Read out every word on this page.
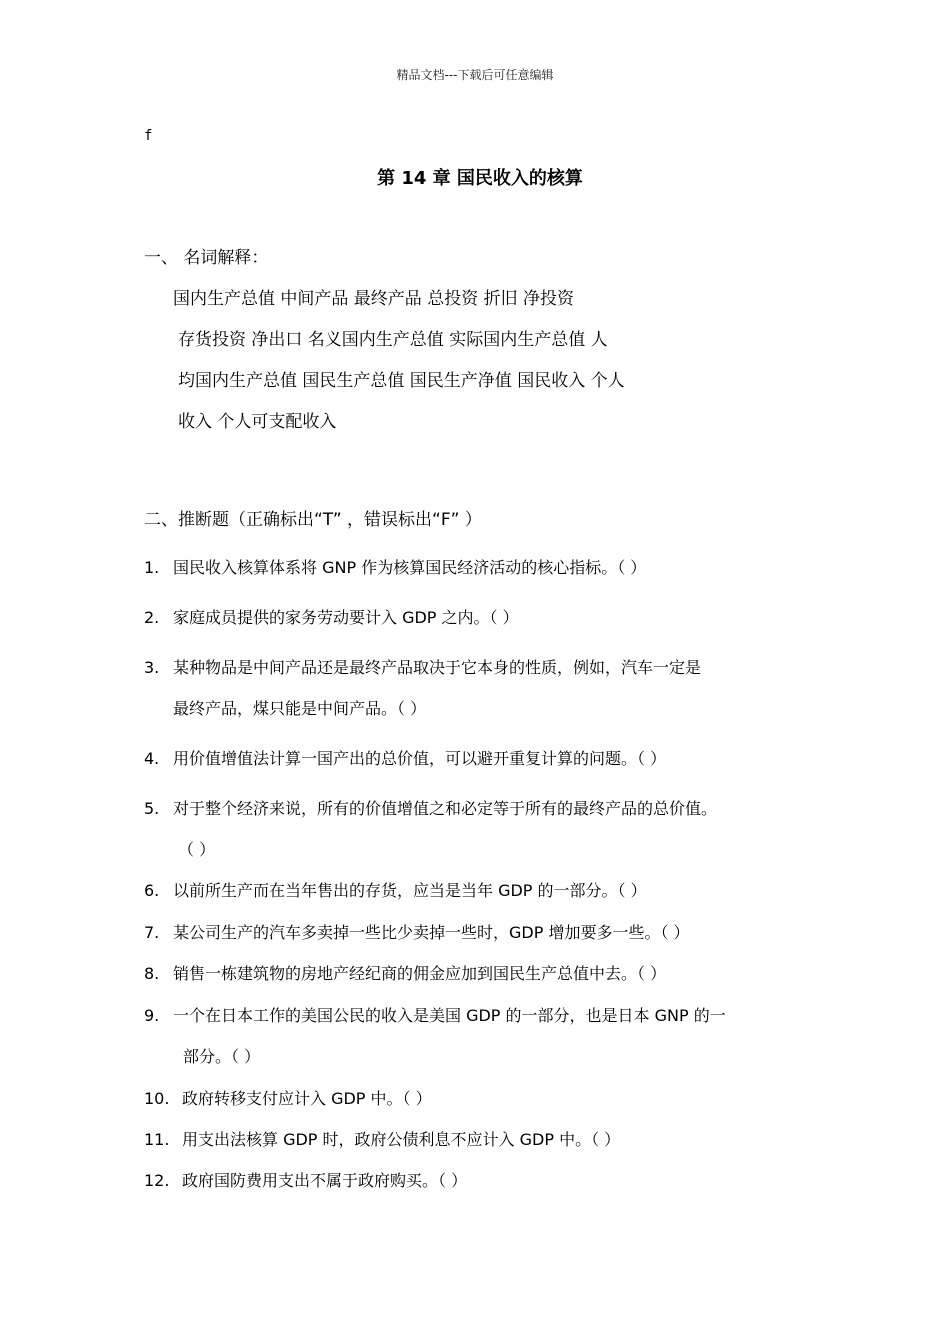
精品文档---下载后可任意编辑
f
第 14 章 国民收入的核算
一、 名词解释：
国内生产总值 中间产品 最终产品 总投资 折旧 净投资
存货投资 净出口 名义国内生产总值 实际国内生产总值 人
均国内生产总值 国民生产总值 国民生产净值 国民收入 个人
收入 个人可支配收入
二、推断题（正确标出“T” ，错误标出“F” ）
1. 国民收入核算体系将 GNP 作为核算国民经济活动的核心指标。（ ）
2. 家庭成员提供的家务劳动要计入 GDP 之内。（ ）
3. 某种物品是中间产品还是最终产品取决于它本身的性质，例如，汽车一定是
最终产品，煤只能是中间产品。（ ）
4. 用价值增值法计算一国产出的总价值，可以避开重复计算的问题。（ ）
5. 对于整个经济来说，所有的价值增值之和必定等于所有的最终产品的总价值。
（ ）
6. 以前所生产而在当年售出的存货，应当是当年 GDP 的一部分。（ ）
7. 某公司生产的汽车多卖掉一些比少卖掉一些时，GDP 增加要多一些。（ ）
8. 销售一栋建筑物的房地产经纪商的佣金应加到国民生产总值中去。（ ）
9. 一个在日本工作的美国公民的收入是美国 GDP 的一部分，也是日本 GNP 的一
部分。（ ）
10. 政府转移支付应计入 GDP 中。（ ）
11. 用支出法核算 GDP 时，政府公债利息不应计入 GDP 中。（ ）
12. 政府国防费用支出不属于政府购买。（ ）
